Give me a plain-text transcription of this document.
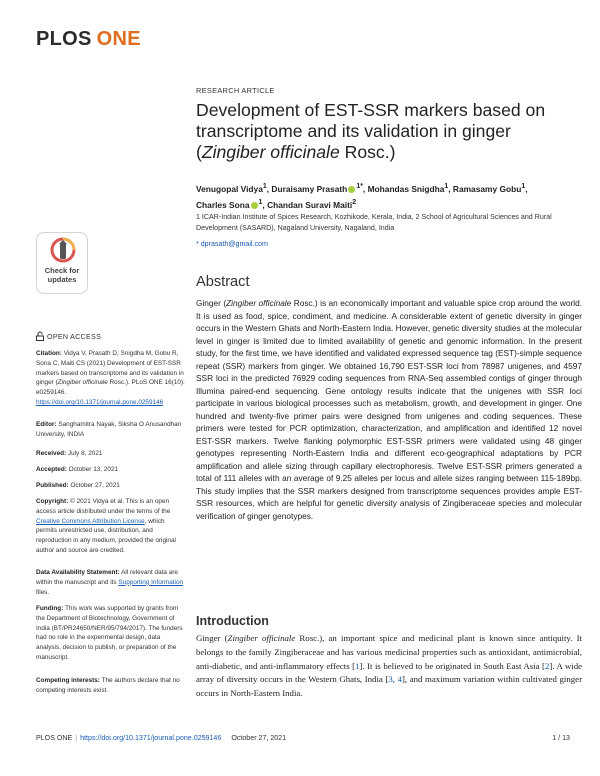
PLOS ONE
RESEARCH ARTICLE
Development of EST-SSR markers based on
transcriptome and its validation in ginger
(Zingiber officinale Rosc.)
Venugopal Vidya$^1$, Duraisamy Prasath $^{1*}$, Mohandas Snigdha$^1$, Ramasamy Gobu$^1$,
Charles Sona $^1$, Chandan Suravi Maiti$^2$
1 ICAR-Indian Institute of Spices Research, Kozhikode, Kerala, India, 2 School of Agricultural Sciences and Rural Development (SASARD), Nagaland University, Nagaland, India
* dprasath@gmail.com
Check for
updates
OPEN ACCESS
Citation: Vidya V, Prasath D, Snigdha M, Gobu R, Sona C, Maiti CS (2021) Development of EST-SSR markers based on transcriptome and its validation in ginger (Zingiber officinale Rosc.). PLoS ONE 16(10): e0259146. https://doi.org/10.1371/journal.pone.0259146
Editor: Sanghamitra Nayak, Siksha O Anusandhan University, INDIA
Received: July 8, 2021
Accepted: October 13, 2021
Published: October 27, 2021
Copyright: © 2021 Vidya et al. This is an open access article distributed under the terms of the Creative Commons Attribution License, which permits unrestricted use, distribution, and reproduction in any medium, provided the original author and source are credited.
Data Availability Statement: All relevant data are within the manuscript and its Supporting Information files.
Funding: This work was supported by grants from the Department of Biotechnology, Government of India (BT/PR24650/NER/95/794/2017). The funders had no role in the experimental design, data analysis, decision to publish, or preparation of the manuscript.
Competing interests: The authors declare that no competing interests exist.
Abstract
Ginger (Zingiber officinale Rosc.) is an economically important and valuable spice crop around the world. It is used as food, spice, condiment, and medicine. A considerable extent of genetic diversity in ginger occurs in the Western Ghats and North-Eastern India. However, genetic diversity studies at the molecular level in ginger is limited due to limited availability of genetic and genomic information. In the present study, for the first time, we have identified and validated expressed sequence tag (EST)-simple sequence repeat (SSR) markers from ginger. We obtained 16,790 EST-SSR loci from 78987 unigenes, and 4597 SSR loci in the predicted 76929 coding sequences from RNA-Seq assembled contigs of ginger through Illumina paired-end sequencing. Gene ontology results indicate that the unigenes with SSR loci participate in various biological processes such as metabolism, growth, and development in ginger. One hundred and twenty-five primer pairs were designed from unigenes and coding sequences. These primers were tested for PCR optimization, characterization, and amplification and identified 12 novel EST-SSR markers. Twelve flanking polymorphic EST-SSR primers were validated using 48 ginger genotypes representing North-Eastern India and different eco-geographical adaptations by PCR amplification and allele sizing through capillary electrophoresis. Twelve EST-SSR primers generated a total of 111 alleles with an average of 9.25 alleles per locus and allele sizes ranging between 115-189bp. This study implies that the SSR markers designed from transcriptome sequences provides ample EST-SSR resources, which are helpful for genetic diversity analysis of Zingiberaceae species and molecular verification of ginger genotypes.
Introduction
Ginger (Zingiber officinale Rosc.), an important spice and medicinal plant is known since antiquity. It belongs to the family Zingiberaceae and has various medicinal properties such as antioxidant, antimicrobial, anti-diabetic, and anti-inflammatory effects [1]. It is believed to be originated in South East Asia [2]. A wide array of diversity occurs in the Western Ghats, India [3, 4], and maximum variation within cultivated ginger occurs in North-Eastern India.
PLOS ONE | https://doi.org/10.1371/journal.pone.0259146 October 27, 2021	1 / 13
